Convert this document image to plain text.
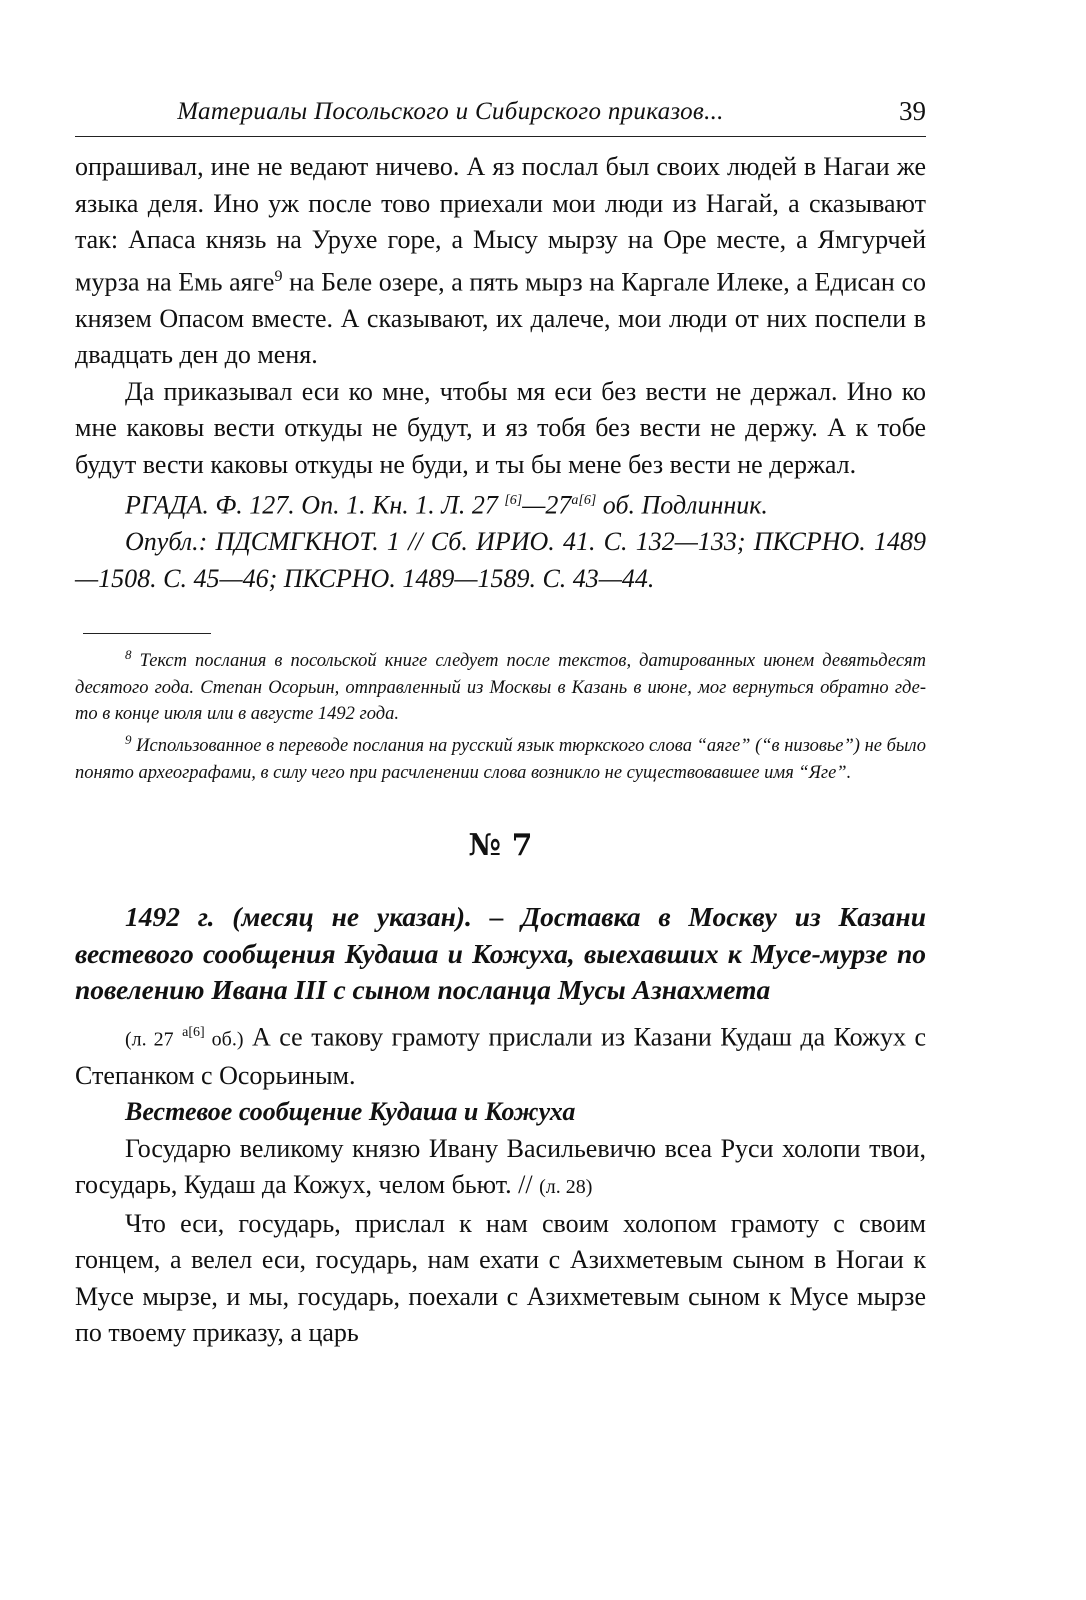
Материалы Посольского и Сибирского приказов...	39

опрашивал, ине не ведают ничево. А яз послал был своих людей в Нагаи же языка деля. Ино уж после тово приехали мои люди из Нагай, а сказывают так: Апаса князь на Урухе горе, а Мысу мырзу на Оре месте, а Ямгурчей мурза на Емь аяге$^9$ на Беле озере, а пять мырз на Каргале Илеке, а Едисан со князем Опасом вместе. А сказывают, их далече, мои люди от них поспели в двадцать ден до меня.

Да приказывал еси ко мне, чтобы мя еси без вести не держал. Ино ко мне каковы вести откуды не будут, и яз тобя без вести не держу. А к тобе будут вести каковы откуды не буди, и ты бы мене без вести не держал.

РГАДА. Ф. 127. Оп. 1. Кн. 1. Л. 27 $[6]—27^{а[6]}$ об. Подлинник.

Опубл.: ПДСМГКНОТ. 1 // Сб. ИРИО. 41. С. 132—133; ПКСРНО. 1489—1508. С. 45—46; ПКСРНО. 1489—1589. С. 43—44.

$^8$ Текст послания в посольской книге следует после текстов, датированных июнем девятьдесят десятого года. Степан Осорьин, отправленный из Москвы в Казань в июне, мог вернуться обратно где-то в конце июля или в августе 1492 года.

$^9$ Использованное в переводе послания на русский язык тюркского слова “аяге” (“в низовье”) не было понято археографами, в силу чего при расчленении слова возникло не существовавшее имя “Яге”.

№ 7

1492 г. (месяц не указан). – Доставка в Москву из Казани вестевого сообщения Кудаша и Кожуха, выехавших к Мусе-мурзе по повелению Ивана III с сыном посланца Мусы Азнахмета

(л. 27 $^{а[6]}$ об.) А се такову грамоту прислали из Казани Кудаш да Кожух с Степанком с Осорьиным.

Вестевое сообщение Кудаша и Кожуха

Государю великому князю Ивану Васильевичю всеа Руси холопи твои, государь, Кудаш да Кожух, челом бьют. // (л. 28)

Что еси, государь, прислал к нам своим холопом грамоту с своим гонцем, а велел еси, государь, нам ехати с Азихметевым сыном в Ногаи к Мусе мырзе, и мы, государь, поехали с Азихметевым сыном к Мусе мырзе по твоему приказу, а царь
